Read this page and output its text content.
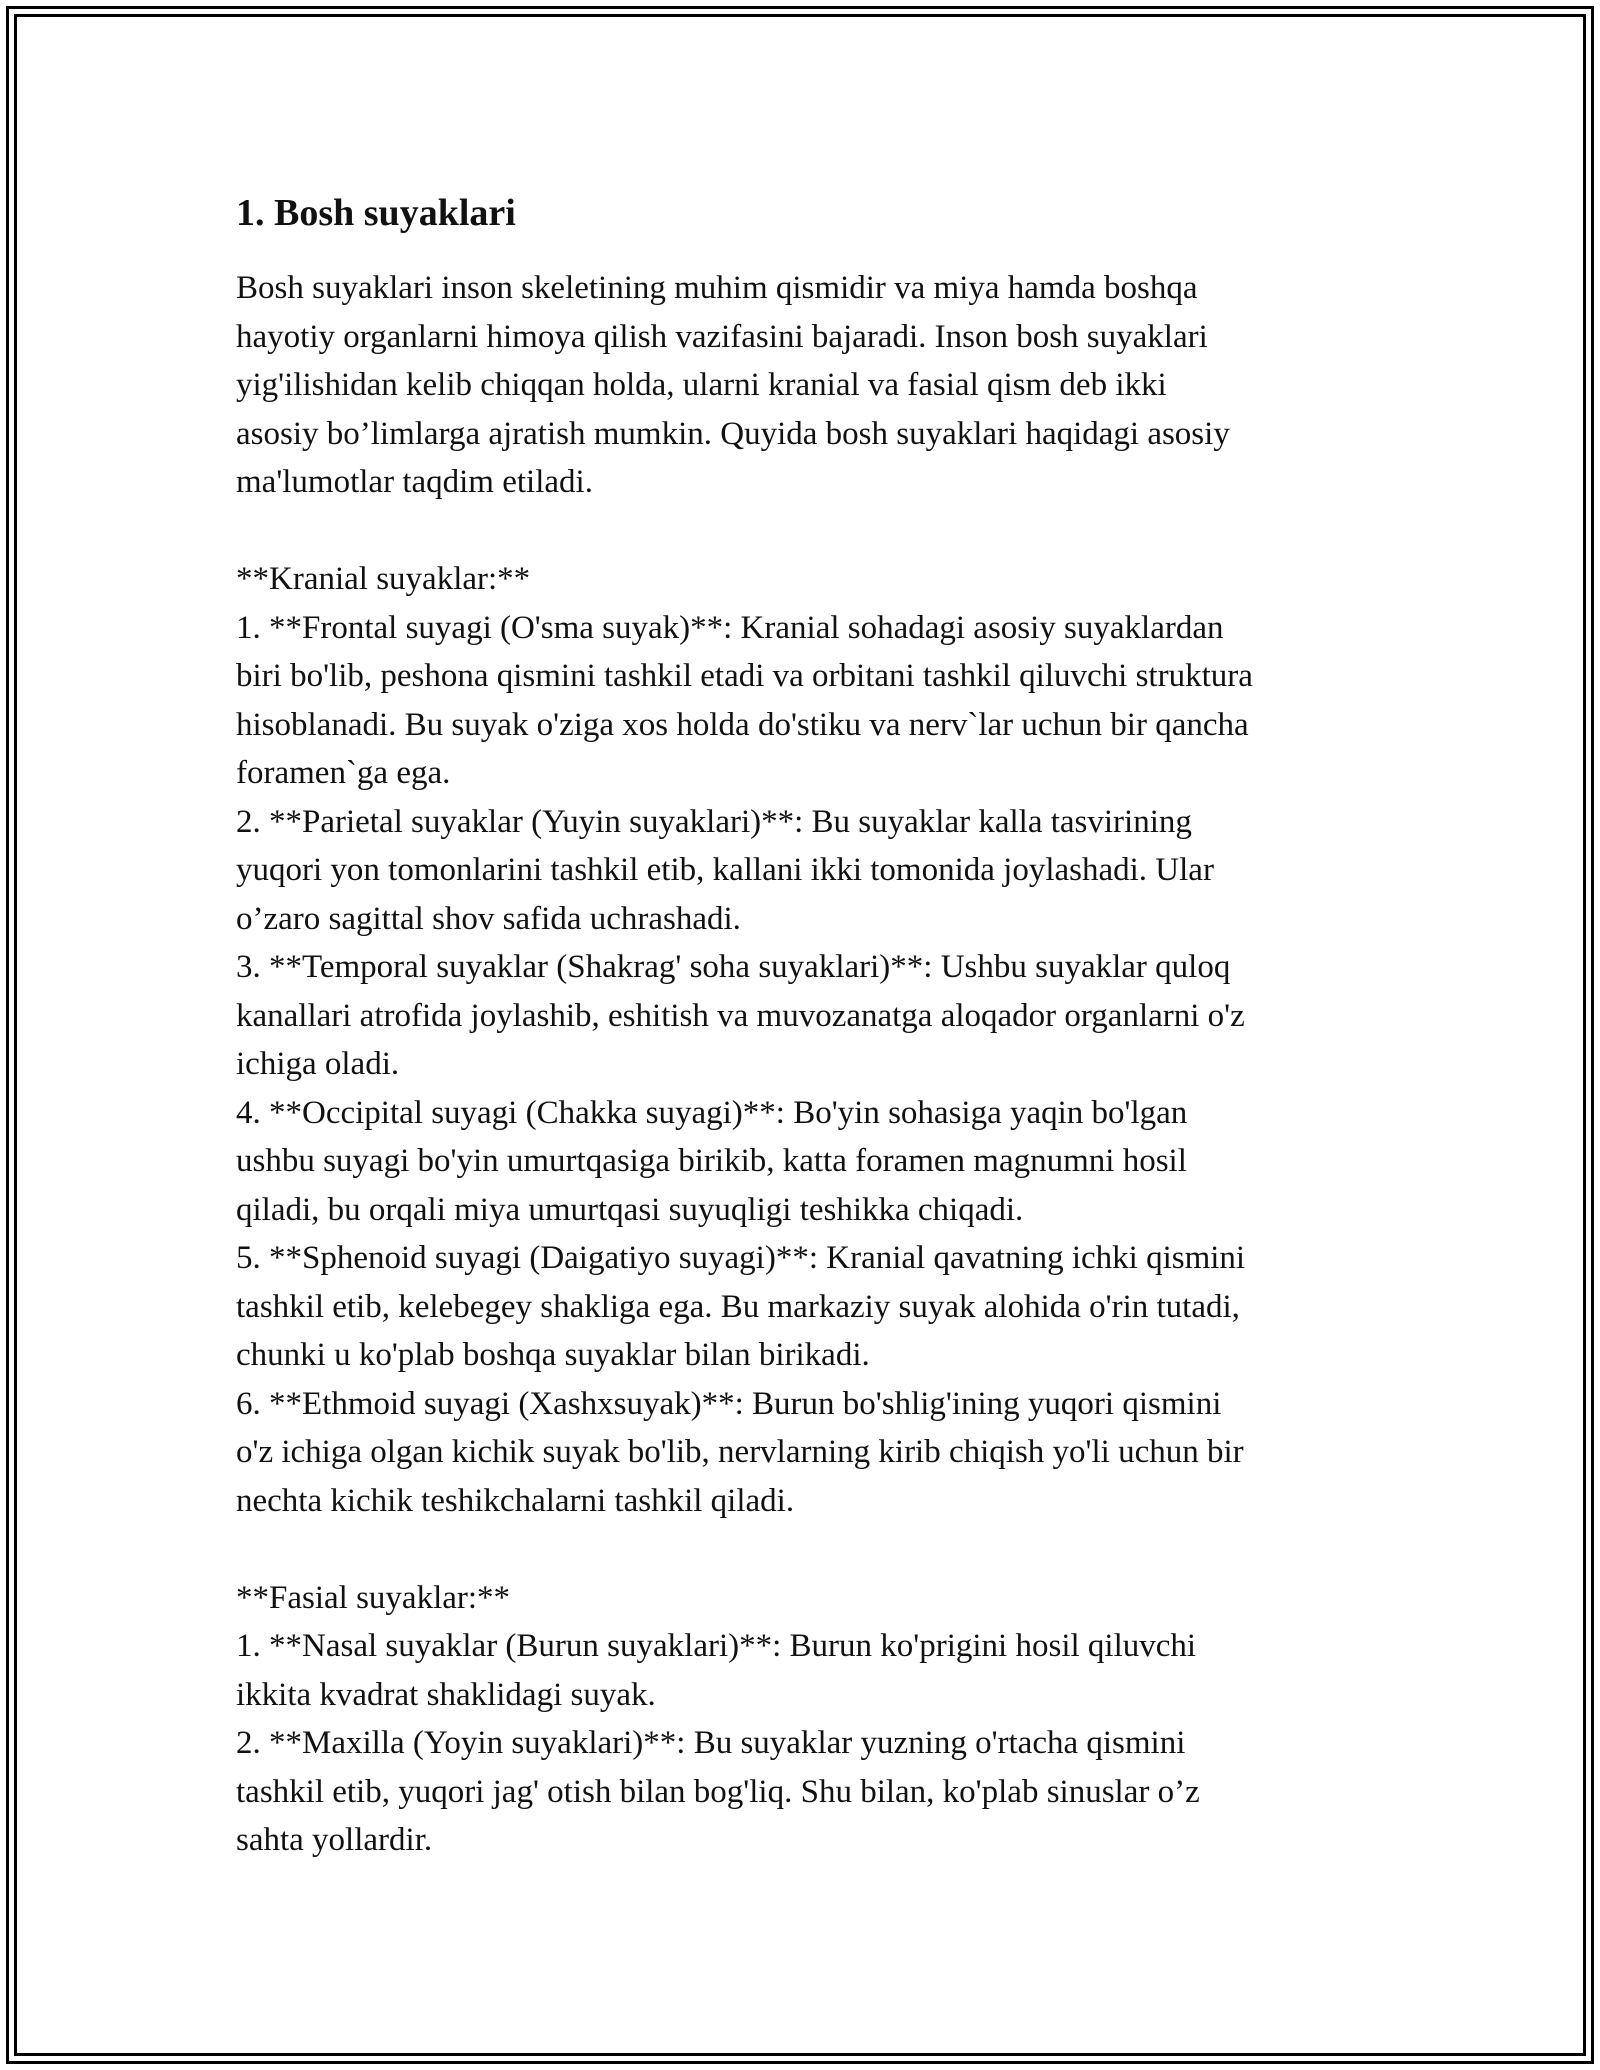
1. Bosh suyaklari

Bosh suyaklari inson skeletining muhim qismidir va miya hamda boshqa
hayotiy organlarni himoya qilish vazifasini bajaradi. Inson bosh suyaklari
yig'ilishidan kelib chiqqan holda, ularni kranial va fasial qism deb ikki
asosiy bo’limlarga ajratish mumkin. Quyida bosh suyaklari haqidagi asosiy
ma'lumotlar taqdim etiladi.

**Kranial suyaklar:**

1. **Frontal suyagi (O'sma suyak)**: Kranial sohadagi asosiy suyaklardan
biri bo'lib, peshona qismini tashkil etadi va orbitani tashkil qiluvchi struktura
hisoblanadi. Bu suyak o'ziga xos holda do'stiku va nerv`lar uchun bir qancha
foramen`ga ega.

2. **Parietal suyaklar (Yuyin suyaklari)**: Bu suyaklar kalla tasvirining
yuqori yon tomonlarini tashkil etib, kallani ikki tomonida joylashadi. Ular
o’zaro sagittal shov safida uchrashadi.

3. **Temporal suyaklar (Shakrag' soha suyaklari)**: Ushbu suyaklar quloq
kanallari atrofida joylashib, eshitish va muvozanatga aloqador organlarni o'z
ichiga oladi.

4. **Occipital suyagi (Chakka suyagi)**: Bo'yin sohasiga yaqin bo'lgan
ushbu suyagi bo'yin umurtqasiga birikib, katta foramen magnumni hosil
qiladi, bu orqali miya umurtqasi suyuqligi teshikka chiqadi.

5. **Sphenoid suyagi (Daigatiyo suyagi)**: Kranial qavatning ichki qismini
tashkil etib, kelebegey shakliga ega. Bu markaziy suyak alohida o'rin tutadi,
chunki u ko'plab boshqa suyaklar bilan birikadi.

6. **Ethmoid suyagi (Xashxsuyak)**: Burun bo'shlig'ining yuqori qismini
o'z ichiga olgan kichik suyak bo'lib, nervlarning kirib chiqish yo'li uchun bir
nechta kichik teshikchalarni tashkil qiladi.

**Fasial suyaklar:**

1. **Nasal suyaklar (Burun suyaklari)**: Burun ko'prigini hosil qiluvchi
ikkita kvadrat shaklidagi suyak.

2. **Maxilla (Yoyin suyaklari)**: Bu suyaklar yuzning o'rtacha qismini
tashkil etib, yuqori jag' otish bilan bog'liq. Shu bilan, ko'plab sinuslar o’z
sahta yollardir.
